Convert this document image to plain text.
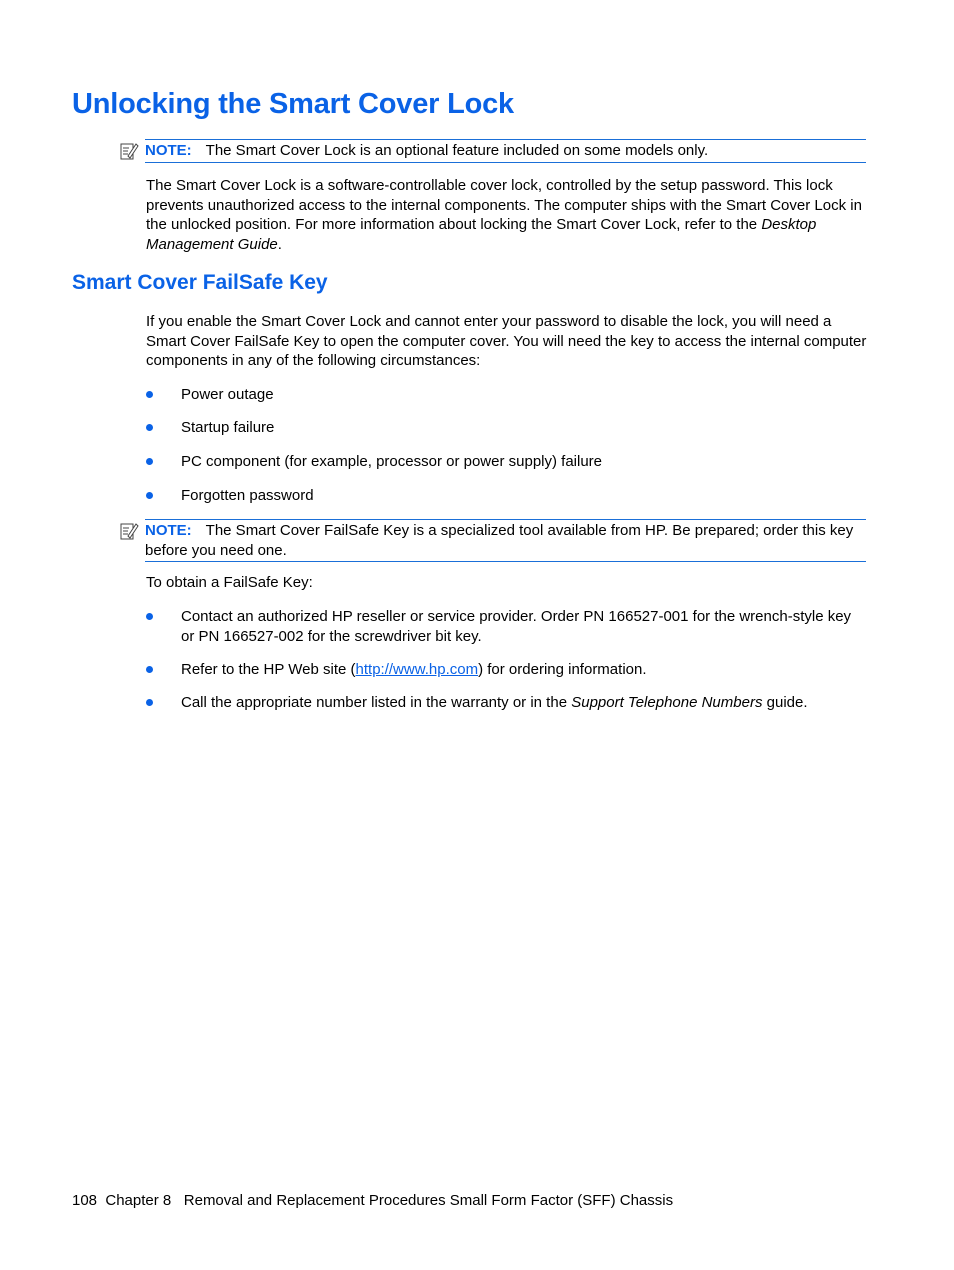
Unlocking the Smart Cover Lock
NOTE: The Smart Cover Lock is an optional feature included on some models only.

The Smart Cover Lock is a software-controllable cover lock, controlled by the setup password. This lock prevents unauthorized access to the internal components. The computer ships with the Smart Cover Lock in the unlocked position. For more information about locking the Smart Cover Lock, refer to the Desktop Management Guide.

Smart Cover FailSafe Key

If you enable the Smart Cover Lock and cannot enter your password to disable the lock, you will need a Smart Cover FailSafe Key to open the computer cover. You will need the key to access the internal computer components in any of the following circumstances:

Power outage
Startup failure
PC component (for example, processor or power supply) failure
Forgotten password
NOTE: The Smart Cover FailSafe Key is a specialized tool available from HP. Be prepared; order this key before you need one.

To obtain a FailSafe Key:

Contact an authorized HP reseller or service provider. Order PN 166527-001 for the wrench-style key or PN 166527-002 for the screwdriver bit key.
Refer to the HP Web site (http://www.hp.com) for ordering information.
Call the appropriate number listed in the warranty or in the Support Telephone Numbers guide.
108 Chapter 8 Removal and Replacement Procedures Small Form Factor (SFF) Chassis
